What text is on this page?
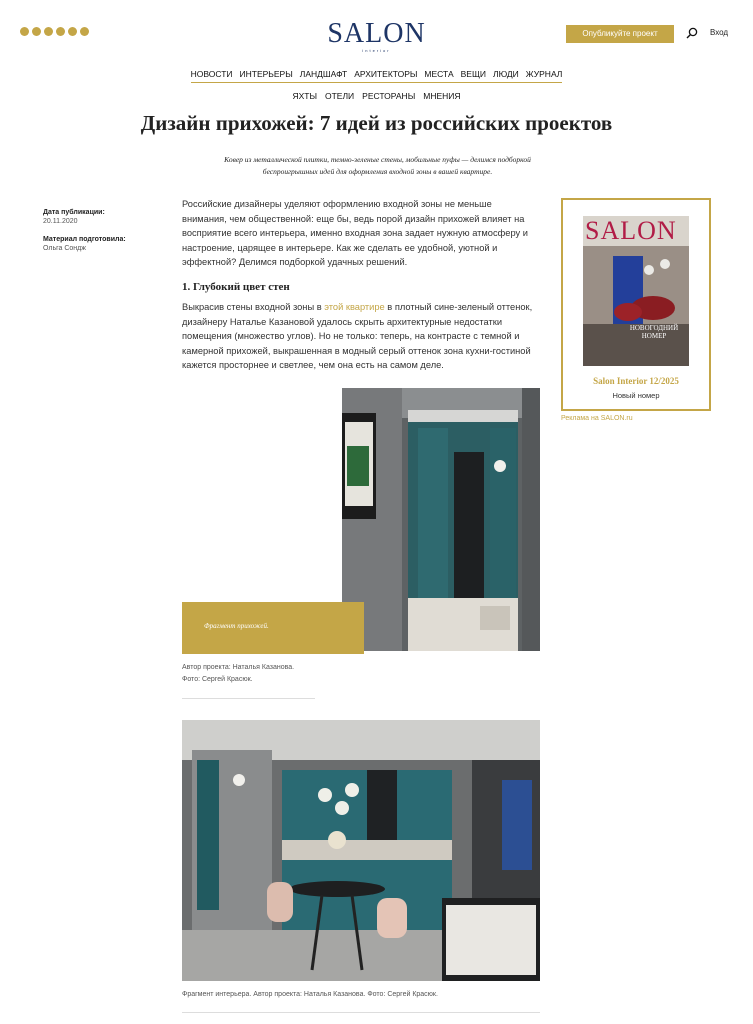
SALON
interior
Опубликуйте проект	Вход
НОВОСТИ ИНТЕРЬЕРЫ ЛАНДШАФТ АРХИТЕКТОРЫ МЕСТА ВЕЩИ ЛЮДИ ЖУРНАЛ
ЯХТЫ ОТЕЛИ РЕСТОРАНЫ МНЕНИЯ
Дизайн прихожей: 7 идей из российских проектов

Ковер из металлической плитки, темно-зеленые стены, мобильные пуфы — делимся подборкой беспроигрышных идей для оформления входной зоны в вашей квартире.

Дата публикации:
20.11.2020
Материал подготовила:
Ольга Сондж

Российские дизайнеры уделяют оформлению входной зоны не меньше внимания, чем общественной: еще бы, ведь порой дизайн прихожей влияет на восприятие всего интерьера, именно входная зона задает нужную атмосферу и настроение, царящее в интерьере. Как же сделать ее удобной, уютной и эффектной? Делимся подборкой удачных решений.

1. Глубокий цвет стен

Выкрасив стены входной зоны в этой квартире в плотный сине-зеленый оттенок, дизайнеру Наталье Казановой удалось скрыть архитектурные недостатки помещения (множество углов). Но не только: теперь, на контрасте с темной и камерной прихожей, выкрашенная в модный серый оттенок зона кухни-гостиной кажется просторнее и светлее, чем она есть на самом деле.

Фрагмент прихожей.
Автор проекта: Наталья Казанова.
Фото: Сергей Красюк.
Фрагмент интерьера. Автор проекта: Наталья Казанова. Фото: Сергей Красюк.
SALON
НОВОГОДНИЙ НОМЕР
Salon Interior 12/2025
Новый номер
Реклама на SALON.ru
